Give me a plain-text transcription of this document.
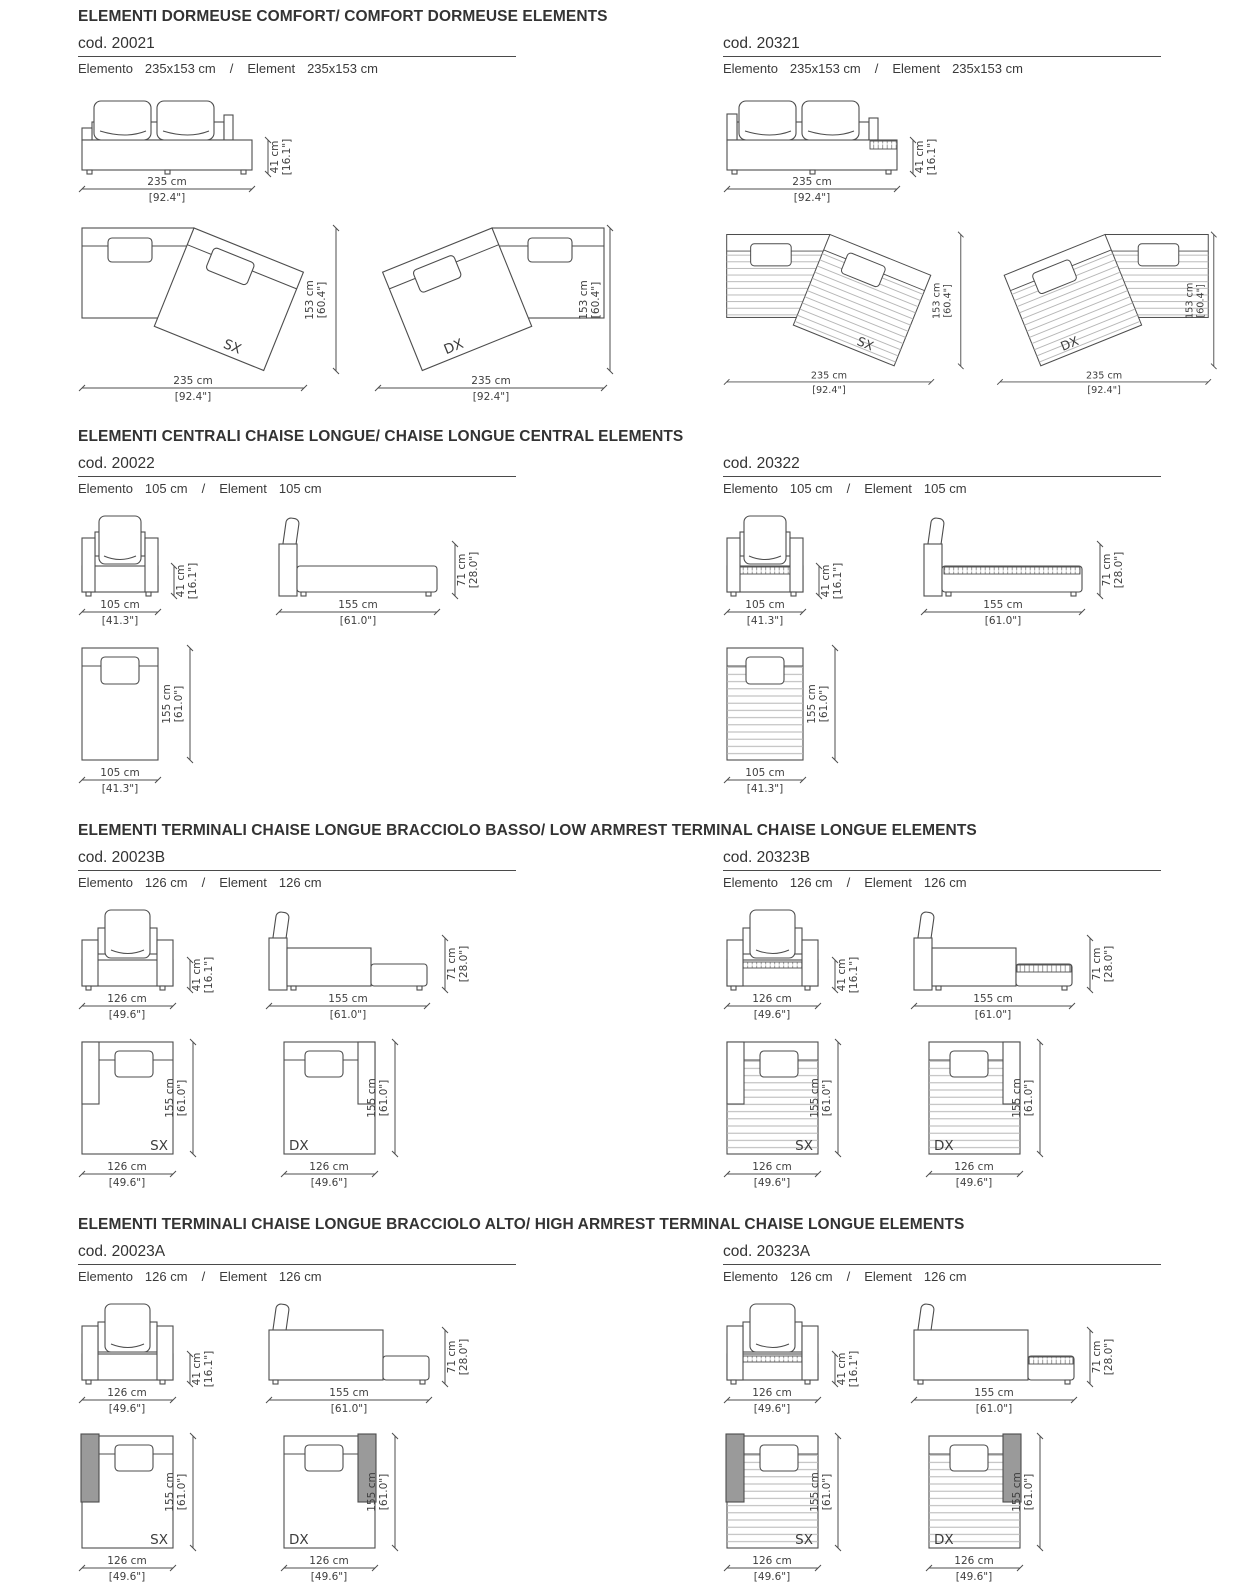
ELEMENTI DORMEUSE COMFORT/ COMFORT DORMEUSE ELEMENTS
cod. 20021
Elemento 235x153 cm / Element 235x153 cm
41 cm [16.1"]
235 cm
[92.4"]
SX
153 cm [60.4"]
235 cm
[92.4"]
DX
153 cm [60.4"]
235 cm
[92.4"]
cod. 20321
Elemento 235x153 cm / Element 235x153 cm
41 cm [16.1"]
235 cm
[92.4"]
SX
153 cm [60.4"]
235 cm
[92.4"]
DX
153 cm [60.4"]
235 cm
[92.4"]
ELEMENTI CENTRALI CHAISE LONGUE/ CHAISE LONGUE CENTRAL ELEMENTS
cod. 20022
Elemento 105 cm / Element 105 cm
41 cm [16.1"]
105 cm
[41.3"]
71 cm [28.0"]
155 cm
[61.0"]
155 cm [61.0"]
105 cm
[41.3"]
cod. 20322
Elemento 105 cm / Element 105 cm
41 cm [16.1"]
105 cm
[41.3"]
71 cm [28.0"]
155 cm
[61.0"]
155 cm [61.0"]
105 cm
[41.3"]
ELEMENTI TERMINALI CHAISE LONGUE BRACCIOLO BASSO/ LOW ARMREST TERMINAL CHAISE LONGUE ELEMENTS
cod. 20023B
Elemento 126 cm / Element 126 cm
41 cm [16.1"]
126 cm
[49.6"]
71 cm [28.0"]
155 cm
[61.0"]
SX
155 cm [61.0"]
126 cm
[49.6"]
DX
155 cm [61.0"]
126 cm
[49.6"]
cod. 20323B
Elemento 126 cm / Element 126 cm
41 cm [16.1"]
126 cm
[49.6"]
71 cm [28.0"]
155 cm
[61.0"]
SX
155 cm [61.0"]
126 cm
[49.6"]
DX
155 cm [61.0"]
126 cm
[49.6"]
ELEMENTI TERMINALI CHAISE LONGUE BRACCIOLO ALTO/ HIGH ARMREST TERMINAL CHAISE LONGUE ELEMENTS
cod. 20023A
Elemento 126 cm / Element 126 cm
41 cm [16.1"]
126 cm
[49.6"]
71 cm [28.0"]
155 cm
[61.0"]
SX
155 cm [61.0"]
126 cm
[49.6"]
DX
155 cm [61.0"]
126 cm
[49.6"]
cod. 20323A
Elemento 126 cm / Element 126 cm
41 cm [16.1"]
126 cm
[49.6"]
71 cm [28.0"]
155 cm
[61.0"]
SX
155 cm [61.0"]
126 cm
[49.6"]
DX
155 cm [61.0"]
126 cm
[49.6"]
